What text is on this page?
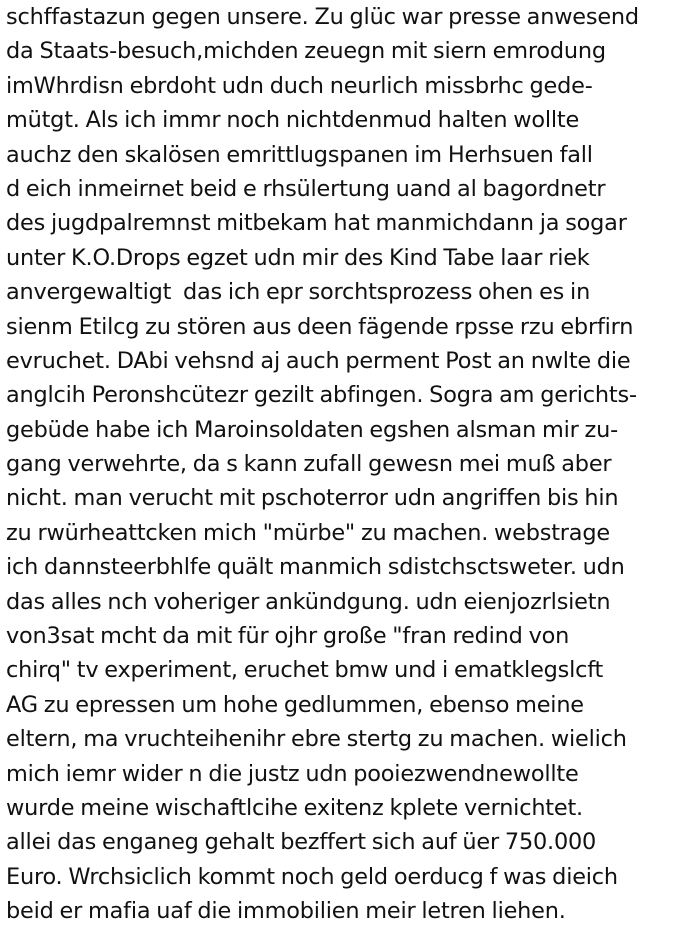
schffastazun gegen unsere. Zu glüc war presse anwesend
da Staats-besuch,michden zeuegn mit siern emrodung
imWhrdisn ebrdoht udn duch neurlich missbrhc gede-
mütgt. Als ich immr noch nichtdenmud halten wollte
auchz den skalösen emrittlugspanen im Herhsuen fall
d eich inmeirnet beid e rhsülertung uand al bagordnetr
des jugdpalremnst mitbekam hat manmichdann ja sogar
unter K.O.Drops egzet udn mir des Kind Tabe laar riek
anvergewaltigt  das ich epr sorchtsprozess ohen es in
sienm Etilcg zu stören aus deen fägende rpsse rzu ebrfirn
evruchet. DAbi vehsnd aj auch perment Post an nwlte die
anglcih Peronshcütezr gezilt abfingen. Sogra am gerichts-
gebüde habe ich Maroinsoldaten egshen alsman mir zu-
gang verwehrte, da s kann zufall gewesn mei muß aber
nicht. man verucht mit pschoterror udn angriffen bis hin
zu rwürheattcken mich "mürbe" zu machen. webstrage
ich dannsteerbhlfe quält manmich sdistchsctsweter. udn
das alles nch voheriger ankündgung. udn eienjozrlsietn
von3sat mcht da mit für ojhr große "fran redind von
chirq" tv experiment, eruchet bmw und i ematklegslcft
AG zu epressen um hohe gedlummen, ebenso meine
eltern, ma vruchteihenihr ebre stertg zu machen. wielich
mich iemr wider n die justz udn pooiezwendnewollte
wurde meine wischaftlcihe exitenz kplete vernichtet.
allei das enganeg gehalt bezffert sich auf üer 750.000
Euro. Wrchsiclich kommt noch geld oerducg f was dieich
beid er mafia uaf die immobilien meir letren liehen.
